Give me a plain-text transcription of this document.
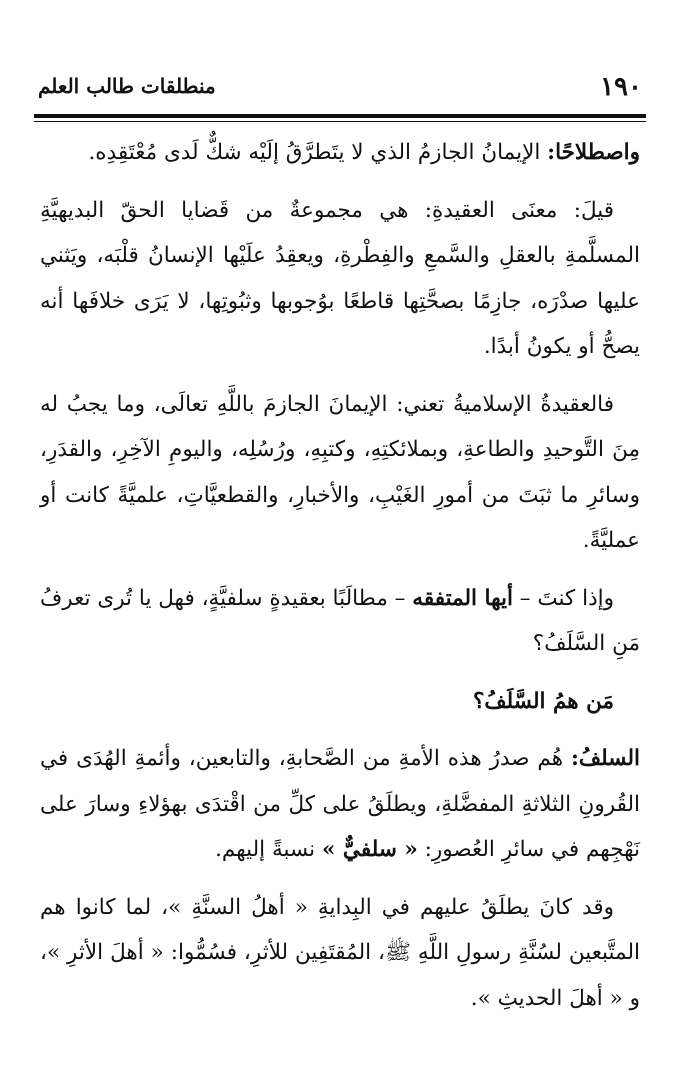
١٩٠
منطلقات طالب العلم

واصطلاحًا: الإيمانُ الجازمُ الذي لا يتَطرَّقُ إلَيْه شكٌّ لَدى مُعْتَقِدِه.

قيلَ: معنَى العقيدةِ: هي مجموعةٌ من قَضايا الحقّ البديهيَّةِ المسلَّمةِ بالعقلِ والسَّمعِ والفِطْرةِ، ويعقِدُ علَيْها الإنسانُ قلْبَه، ويَثني عليها صدْرَه، جازِمًا بصحَّتِها قاطعًا بوُجوبها وثبُوتِها، لا يَرَى خلافَها أنه يصحُّ أو يكونُ أبدًا.

فالعقيدةُ الإسلاميةُ تعني: الإيمانَ الجازمَ باللَّهِ تعالَى، وما يجبُ له مِنَ التَّوحيدِ والطاعةِ، وبملائكتِهِ، وكتبِهِ، ورُسُلِه، واليومِ الآخِرِ، والقدَرِ، وسائرِ ما ثبَتَ من أمورِ الغَيْبِ، والأخبارِ، والقطعيَّاتِ، علميَّةً كانت أو عمليَّةً.

وإذا كنتَ – أيها المتفقه – مطالَبًا بعقيدةٍ سلفيَّةٍ، فهل يا تُرى تعرفُ مَنِ السَّلَفُ؟

مَن همُ السَّلَفُ؟

السلفُ: هُم صدرُ هذه الأمةِ من الصَّحابةِ، والتابعين، وأئمةِ الهُدَى في القُرونِ الثلاثةِ المفضَّلةِ، ويطلَقُ على كلِّ من اقْتدَى بهؤلاءِ وسارَ على نَهْجِهم في سائرِ العُصورِ: « سلفيٌّ » نسبةً إليهم.

وقد كانَ يطلَقُ عليهم في البِدايةِ « أهلُ السنَّةِ »، لما كانوا هم المتَّبعين لسُنَّةِ رسولِ اللَّهِ ﷺ، المُقتَفِين للأثرِ، فسُمُّوا: « أهلَ الأثرِ »، و « أهلَ الحديثِ ».
